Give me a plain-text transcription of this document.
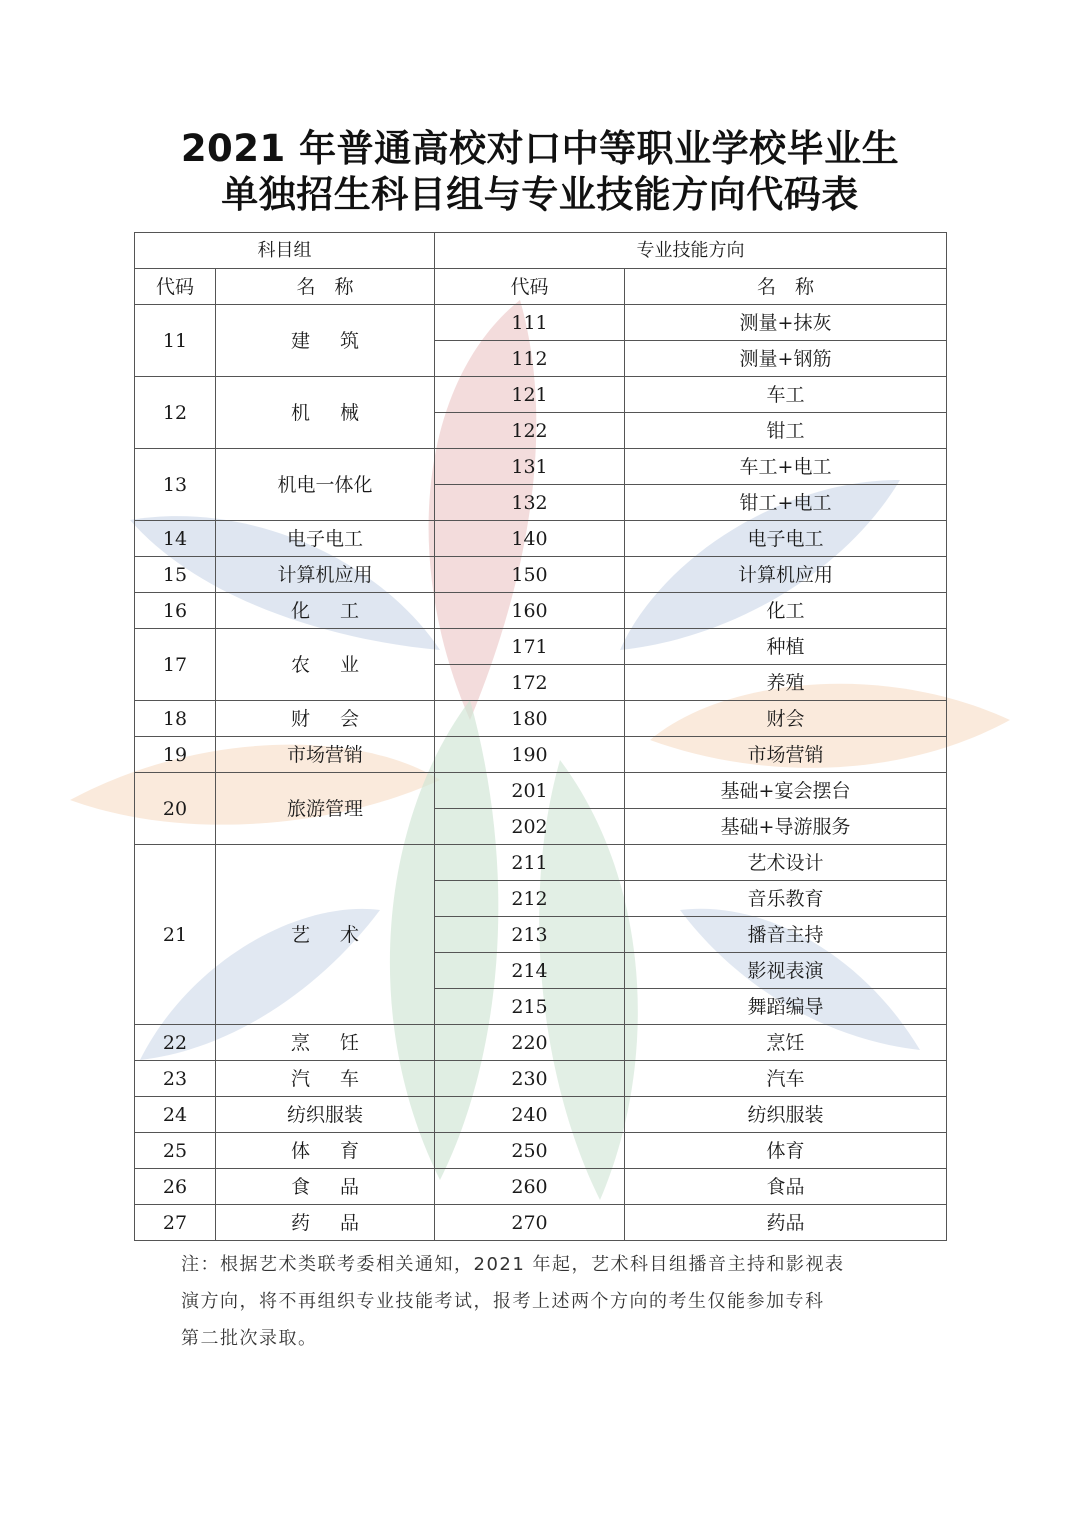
2021 年普通高校对口中等职业学校毕业生
单独招生科目组与专业技能方向代码表
科目组		专业技能方向	
代码	名　称	代码	名　称
11	建筑	111	测量+抹灰
		112	测量+钢筋
12	机械	121	车工
		122	钳工
13	机电一体化	131	车工+电工
		132	钳工+电工
14	电子电工	140	电子电工
15	计算机应用	150	计算机应用
16	化工	160	化工
17	农业	171	种植
		172	养殖
18	财会	180	财会
19	市场营销	190	市场营销
20	旅游管理	201	基础+宴会摆台
		202	基础+导游服务
21	艺术	211	艺术设计
		212	音乐教育
		213	播音主持
		214	影视表演
		215	舞蹈编导
22	烹饪	220	烹饪
23	汽车	230	汽车
24	纺织服装	240	纺织服装
25	体育	250	体育
26	食品	260	食品
27	药品	270	药品
注：根据艺术类联考委相关通知，2021 年起，艺术科目组播音主持和影视表
演方向，将不再组织专业技能考试，报考上述两个方向的考生仅能参加专科
第二批次录取。
